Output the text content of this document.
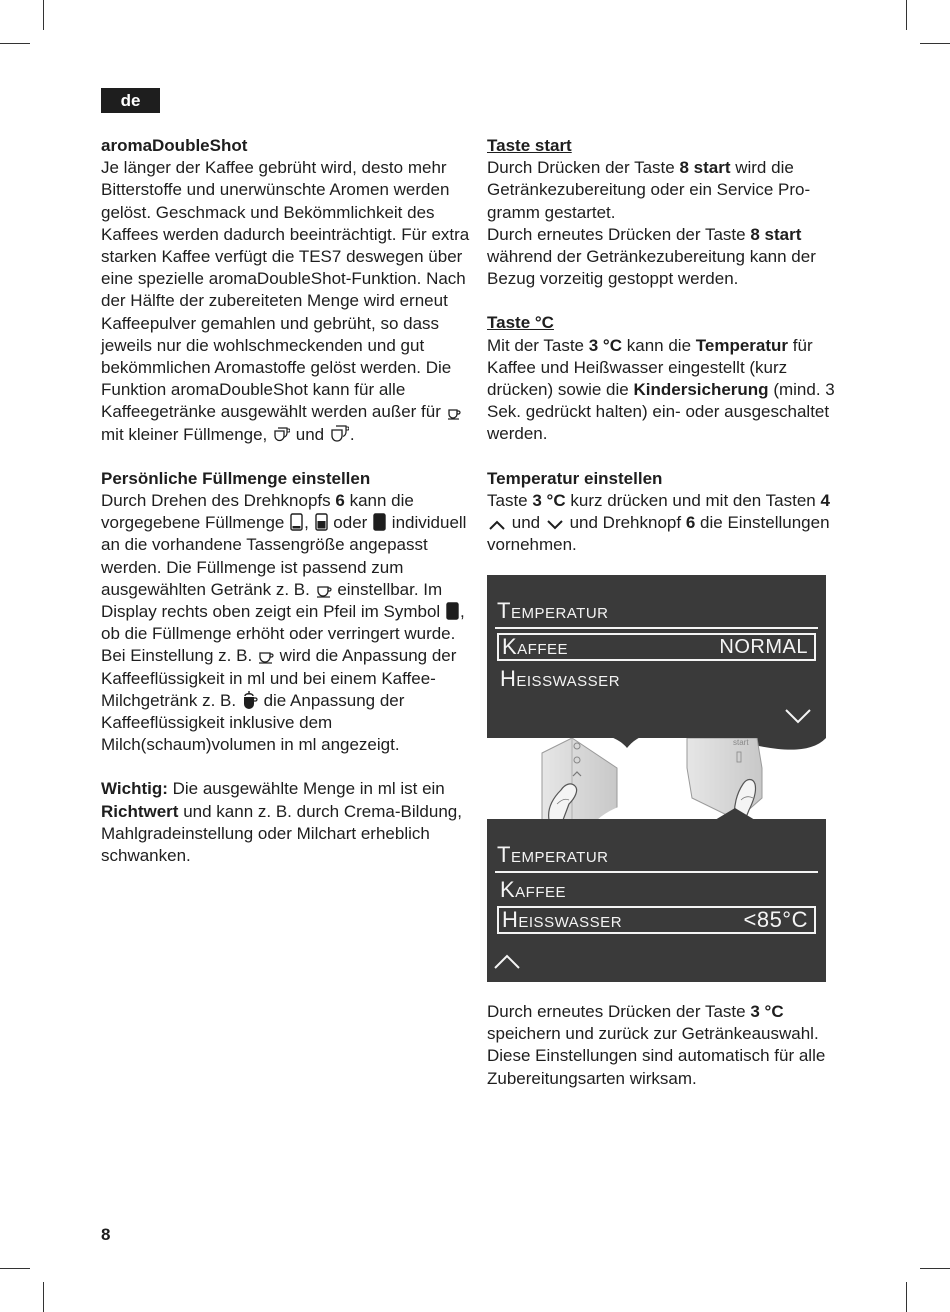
de

aromaDoubleShot

Je länger der Kaffee gebrüht wird, desto mehr Bitterstoffe und unerwünschte Aromen werden gelöst. Geschmack und Bekömmlichkeit des Kaffees werden dadurch beeinträchtigt. Für extra starken Kaffee verfügt die TES7 deswegen über eine spezielle aromaDoubleShot-Funktion. Nach der Hälfte der zubereiteten Menge wird erneut Kaffeepulver gemahlen und gebrüht, so dass jeweils nur die wohlschmeckenden und gut bekömmlichen Aromastoffe gelöst werden. Die Funktion aromaDoubleShot kann für alle Kaffeegetränke ausgewählt werden außer für
mit kleiner Füllmenge, und .

Persönliche Füllmenge einstellen

Durch Drehen des Drehknopfs 6 kann die vorgegebene Füllmenge , oder individuell an die vorhandene Tassengröße angepasst werden. Die Füllmenge ist passend zum ausgewählten Getränk z. B. einstellbar. Im Display rechts oben zeigt ein Pfeil im Symbol , ob die Füllmenge erhöht oder verringert wurde. Bei Einstellung z. B. wird die Anpassung der Kaffeeflüssigkeit in ml und bei einem Kaffee-Milchgetränk z. B. die Anpassung der Kaffeeflüssigkeit inklusive dem Milch(schaum)volumen in ml angezeigt.

Wichtig: Die ausgewählte Menge in ml ist ein Richtwert und kann z. B. durch Crema-Bildung, Mahlgradeinstellung oder Milchart erheblich schwanken.

Taste start

Durch Drücken der Taste 8 start wird die Getränkezubereitung oder ein Service Programm gestartet.

Durch erneutes Drücken der Taste 8 start während der Getränkezubereitung kann der Bezug vorzeitig gestoppt werden.

Taste °C

Mit der Taste 3 °C kann die Temperatur für Kaffee und Heißwasser eingestellt (kurz drücken) sowie die Kindersicherung (mind. 3 Sek. gedrückt halten) ein- oder ausgeschaltet werden.

Temperatur einstellen

Taste 3 °C kurz drücken und mit den Tasten 4
und und Drehknopf 6 die Einstellungen vornehmen.

Temperatur
Kaffee	NORMAL
Heisswasser
start
Temperatur
Kaffee
Heisswasser	<85°C

Durch erneutes Drücken der Taste 3 °C speichern und zurück zur Getränkeauswahl. Diese Einstellungen sind automatisch für alle Zubereitungsarten wirksam.

8
